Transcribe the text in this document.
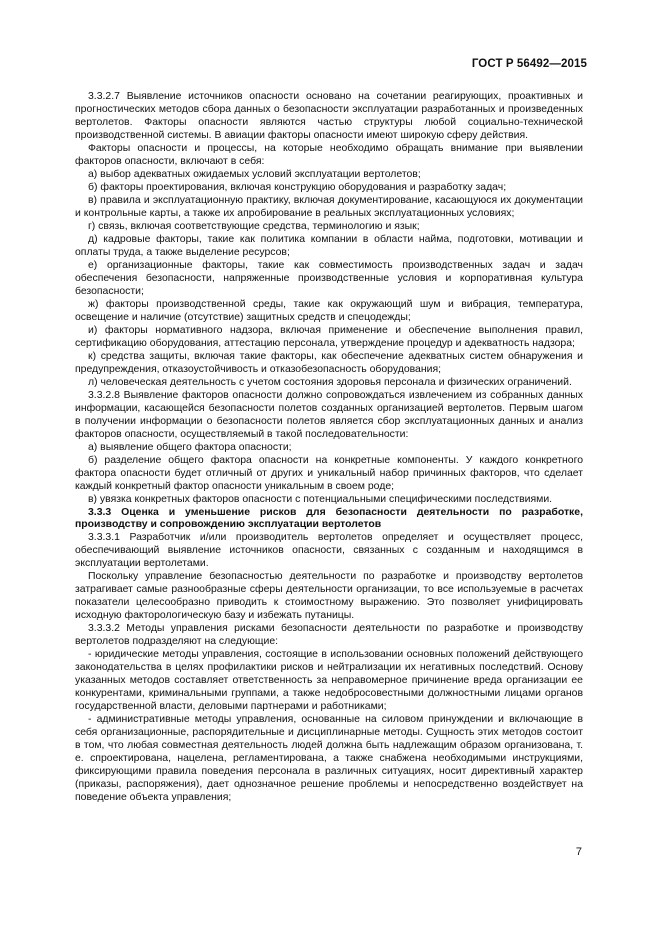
ГОСТ Р 56492—2015

3.3.2.7 Выявление источников опасности основано на сочетании реагирующих, проактивных и прогностических методов сбора данных о безопасности эксплуатации разработанных и произведенных вертолетов. Факторы опасности являются частью структуры любой социально-технической производственной системы. В авиации факторы опасности имеют широкую сферу действия.

Факторы опасности и процессы, на которые необходимо обращать внимание при выявлении факторов опасности, включают в себя:

а) выбор адекватных ожидаемых условий эксплуатации вертолетов;

б) факторы проектирования, включая конструкцию оборудования и разработку задач;

в) правила и эксплуатационную практику, включая документирование, касающуюся их документации и контрольные карты, а также их апробирование в реальных эксплуатационных условиях;

г) связь, включая соответствующие средства, терминологию и язык;

д) кадровые факторы, такие как политика компании в области найма, подготовки, мотивации и оплаты труда, а также выделение ресурсов;

е) организационные факторы, такие как совместимость производственных задач и задач обеспечения безопасности, напряженные производственные условия и корпоративная культура безопасности;

ж) факторы производственной среды, такие как окружающий шум и вибрация, температура, освещение и наличие (отсутствие) защитных средств и спецодежды;

и) факторы нормативного надзора, включая применение и обеспечение выполнения правил, сертификацию оборудования, аттестацию персонала, утверждение процедур и адекватность надзора;

к) средства защиты, включая такие факторы, как обеспечение адекватных систем обнаружения и предупреждения, отказоустойчивость и отказобезопасность оборудования;

л) человеческая деятельность с учетом состояния здоровья персонала и физических ограничений.

3.3.2.8 Выявление факторов опасности должно сопровождаться извлечением из собранных данных информации, касающейся безопасности полетов созданных организацией вертолетов. Первым шагом в получении информации о безопасности полетов является сбор эксплуатационных данных и анализ факторов опасности, осуществляемый в такой последовательности:

а) выявление общего фактора опасности;

б) разделение общего фактора опасности на конкретные компоненты. У каждого конкретного фактора опасности будет отличный от других и уникальный набор причинных факторов, что сделает каждый конкретный фактор опасности уникальным в своем роде;

в) увязка конкретных факторов опасности с потенциальными специфическими последствиями.

3.3.3 Оценка и уменьшение рисков для безопасности деятельности по разработке, производству и сопровождению эксплуатации вертолетов

3.3.3.1 Разработчик и/или производитель вертолетов определяет и осуществляет процесс, обеспечивающий выявление источников опасности, связанных с созданным и находящимся в эксплуатации вертолетами.

Поскольку управление безопасностью деятельности по разработке и производству вертолетов затрагивает самые разнообразные сферы деятельности организации, то все используемые в расчетах показатели целесообразно приводить к стоимостному выражению. Это позволяет унифицировать исходную факторологическую базу и избежать путаницы.

3.3.3.2 Методы управления рисками безопасности деятельности по разработке и производству вертолетов подразделяют на следующие:

- юридические методы управления, состоящие в использовании основных положений действующего законодательства в целях профилактики рисков и нейтрализации их негативных последствий. Основу указанных методов составляет ответственность за неправомерное причинение вреда организации ее конкурентами, криминальными группами, а также недобросовестными должностными лицами органов государственной власти, деловыми партнерами и работниками;

- административные методы управления, основанные на силовом принуждении и включающие в себя организационные, распорядительные и дисциплинарные методы. Сущность этих методов состоит в том, что любая совместная деятельность людей должна быть надлежащим образом организована, т. е. спроектирована, нацелена, регламентирована, а также снабжена необходимыми инструкциями, фиксирующими правила поведения персонала в различных ситуациях, носит директивный характер (приказы, распоряжения), дает однозначное решение проблемы и непосредственно воздействует на поведение объекта управления;

7
